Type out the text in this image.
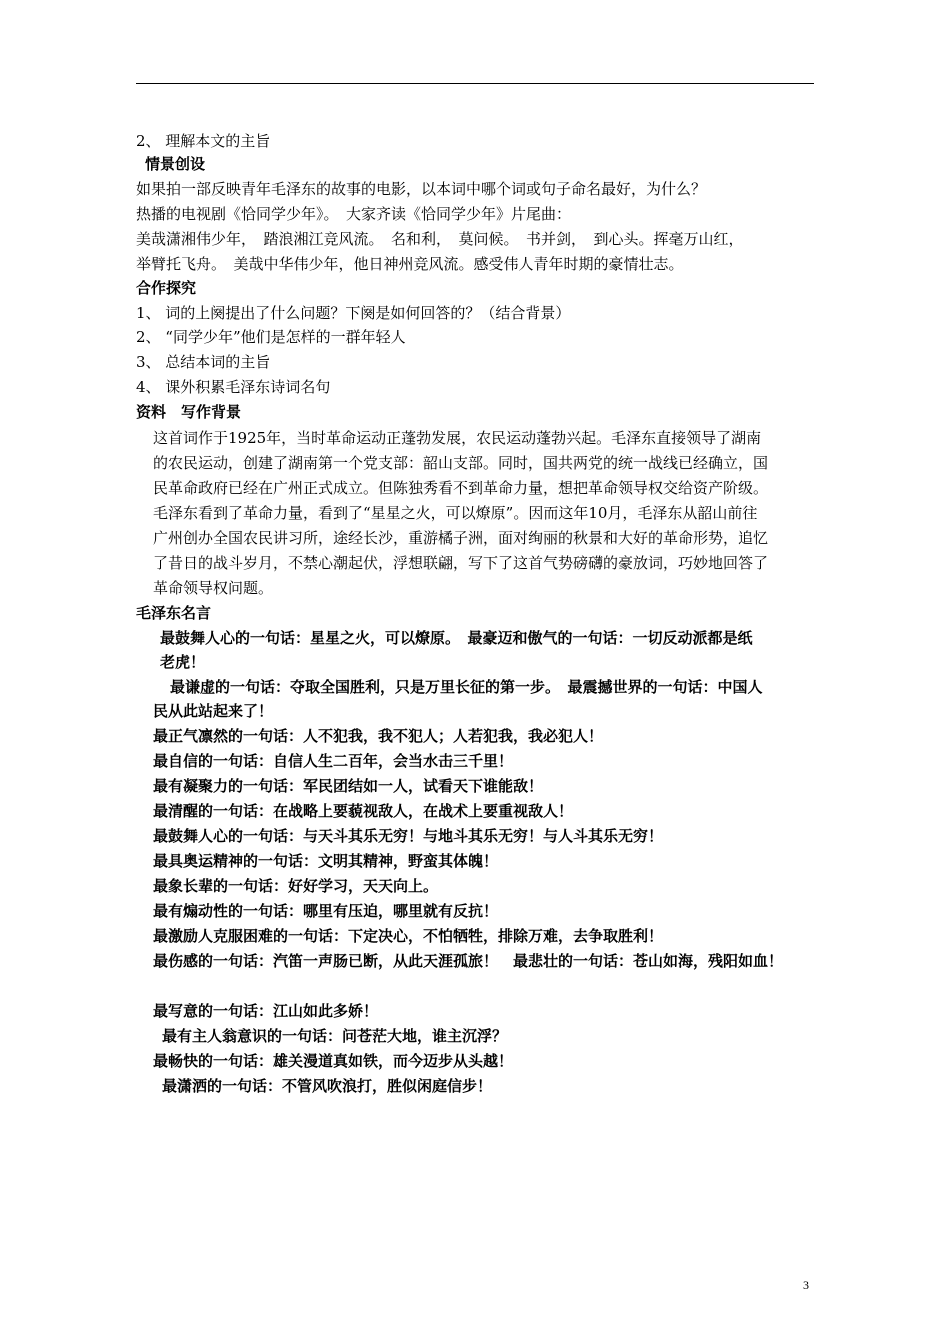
2、 理解本文的主旨
情景创设
如果拍一部反映青年毛泽东的故事的电影，以本词中哪个词或句子命名最好，为什么？
热播的电视剧《恰同学少年》。　大家齐读《恰同学少年》片尾曲：
美哉潇湘伟少年，　踏浪湘江竞风流。　名和利，　莫问候。　书并剑，　到心头。挥毫万山红，
举臂托飞舟。　美哉中华伟少年，他日神州竞风流。感受伟人青年时期的豪情壮志。
合作探究
1、 词的上阕提出了什么问题？下阕是如何回答的？（结合背景）
2、 “同学少年”他们是怎样的一群年轻人
3、 总结本词的主旨
4、 课外积累毛泽东诗词名句
资料　写作背景
这首词作于1925年，当时革命运动正蓬勃发展，农民运动蓬勃兴起。毛泽东直接领导了湖南
的农民运动，创建了湖南第一个党支部：韶山支部。同时，国共两党的统一战线已经确立，国
民革命政府已经在广州正式成立。但陈独秀看不到革命力量，想把革命领导权交给资产阶级。
毛泽东看到了革命力量，看到了“星星之火，可以燎原”。因而这年10月，毛泽东从韶山前往
广州创办全国农民讲习所，途经长沙，重游橘子洲，面对绚丽的秋景和大好的革命形势，追忆
了昔日的战斗岁月，不禁心潮起伏，浮想联翩，写下了这首气势磅礴的豪放词，巧妙地回答了
革命领导权问题。
毛泽东名言
最鼓舞人心的一句话：星星之火，可以燎原。　最豪迈和傲气的一句话：一切反动派都是纸
老虎！
最谦虚的一句话：夺取全国胜利，只是万里长征的第一步。　最震撼世界的一句话：中国人
民从此站起来了！
最正气凛然的一句话：人不犯我，我不犯人；人若犯我，我必犯人！
最自信的一句话：自信人生二百年，会当水击三千里！
最有凝聚力的一句话：军民团结如一人，试看天下谁能敌！
最清醒的一句话：在战略上要藐视敌人，在战术上要重视敌人！
最鼓舞人心的一句话：与天斗其乐无穷！与地斗其乐无穷！与人斗其乐无穷！
最具奥运精神的一句话：文明其精神，野蛮其体魄！
最象长辈的一句话：好好学习，天天向上。
最有煽动性的一句话：哪里有压迫，哪里就有反抗！
最激励人克服困难的一句话：下定决心，不怕牺牲，排除万难，去争取胜利！
最伤感的一句话：汽笛一声肠已断，从此天涯孤旅！　最悲壮的一句话：苍山如海，残阳如血！
最写意的一句话：江山如此多娇！
最有主人翁意识的一句话：问苍茫大地，谁主沉浮？
最畅快的一句话：雄关漫道真如铁，而今迈步从头越！
最潇洒的一句话：不管风吹浪打，胜似闲庭信步！
3
